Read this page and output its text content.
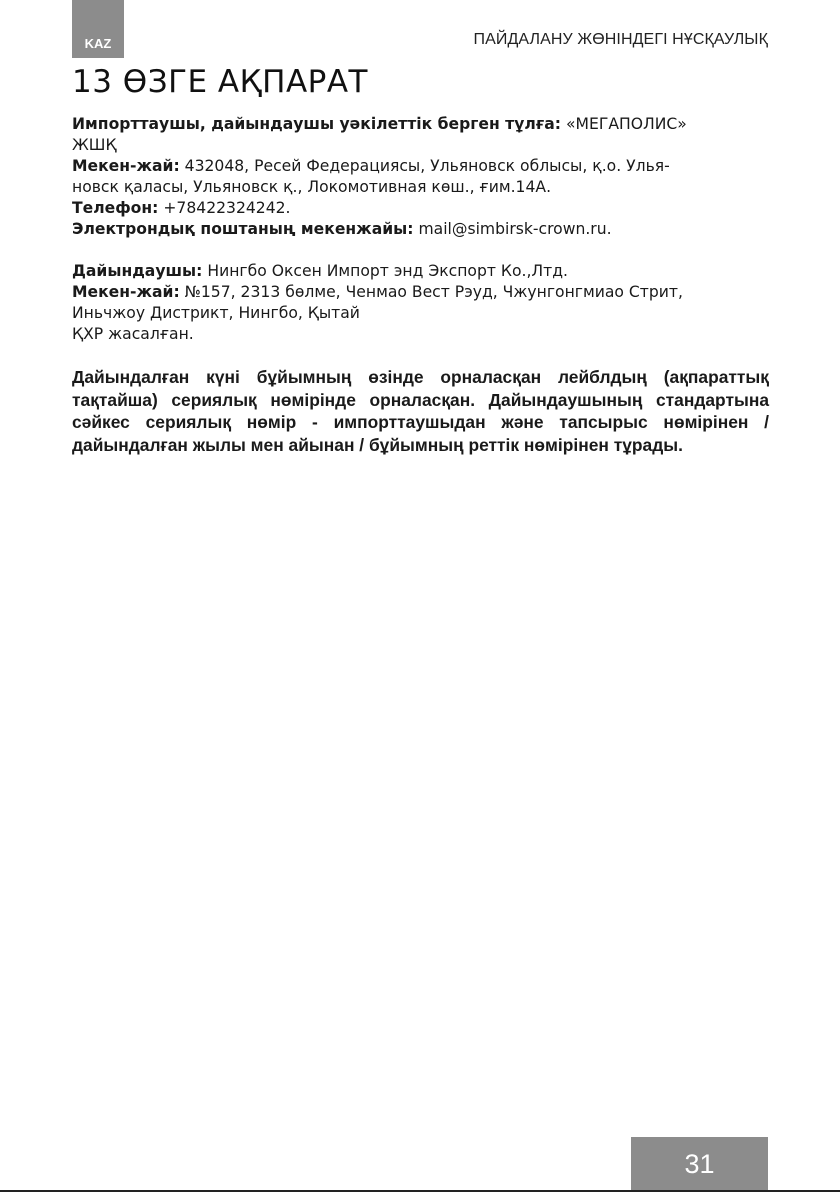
KAZ	ПАЙДАЛАНУ ЖӨНІНДЕГІ НҰСҚАУЛЫҚ
13 ӨЗГЕ АҚПАРАТ

Импорттаушы, дайындаушы уәкілеттік берген тұлға: «МЕГАПОЛИС»

ЖШҚ

Мекен-жай: 432048, Ресей Федерациясы, Ульяновск облысы, қ.о. Улья-

новск қаласы, Ульяновск қ., Локомотивная көш., ғим.14А.

Телефон: +78422324242.

Электрондық поштаның мекенжайы: mail@simbirsk-crown.ru.

Дайындаушы: Нингбо Оксен Импорт энд Экспорт Ко.,Лтд.

Мекен-жай: №157, 2313 бөлме, Ченмао Вест Рэуд, Чжунгонгмиао Стрит,

Иньчжоу Дистрикт, Нингбо, Қытай

ҚХР жасалған.

Дайындалған күні бұйымның өзінде орналасқан лейблдың (ақпараттық тақтайша) сериялық нөмірінде орналасқан. Дайындаушының стандартына сәйкес сериялық нөмір - импорттаушыдан және тапсырыс нөмірінен / дайындалған жылы мен айынан / бұйымның реттік нөмірінен тұрады.

31
